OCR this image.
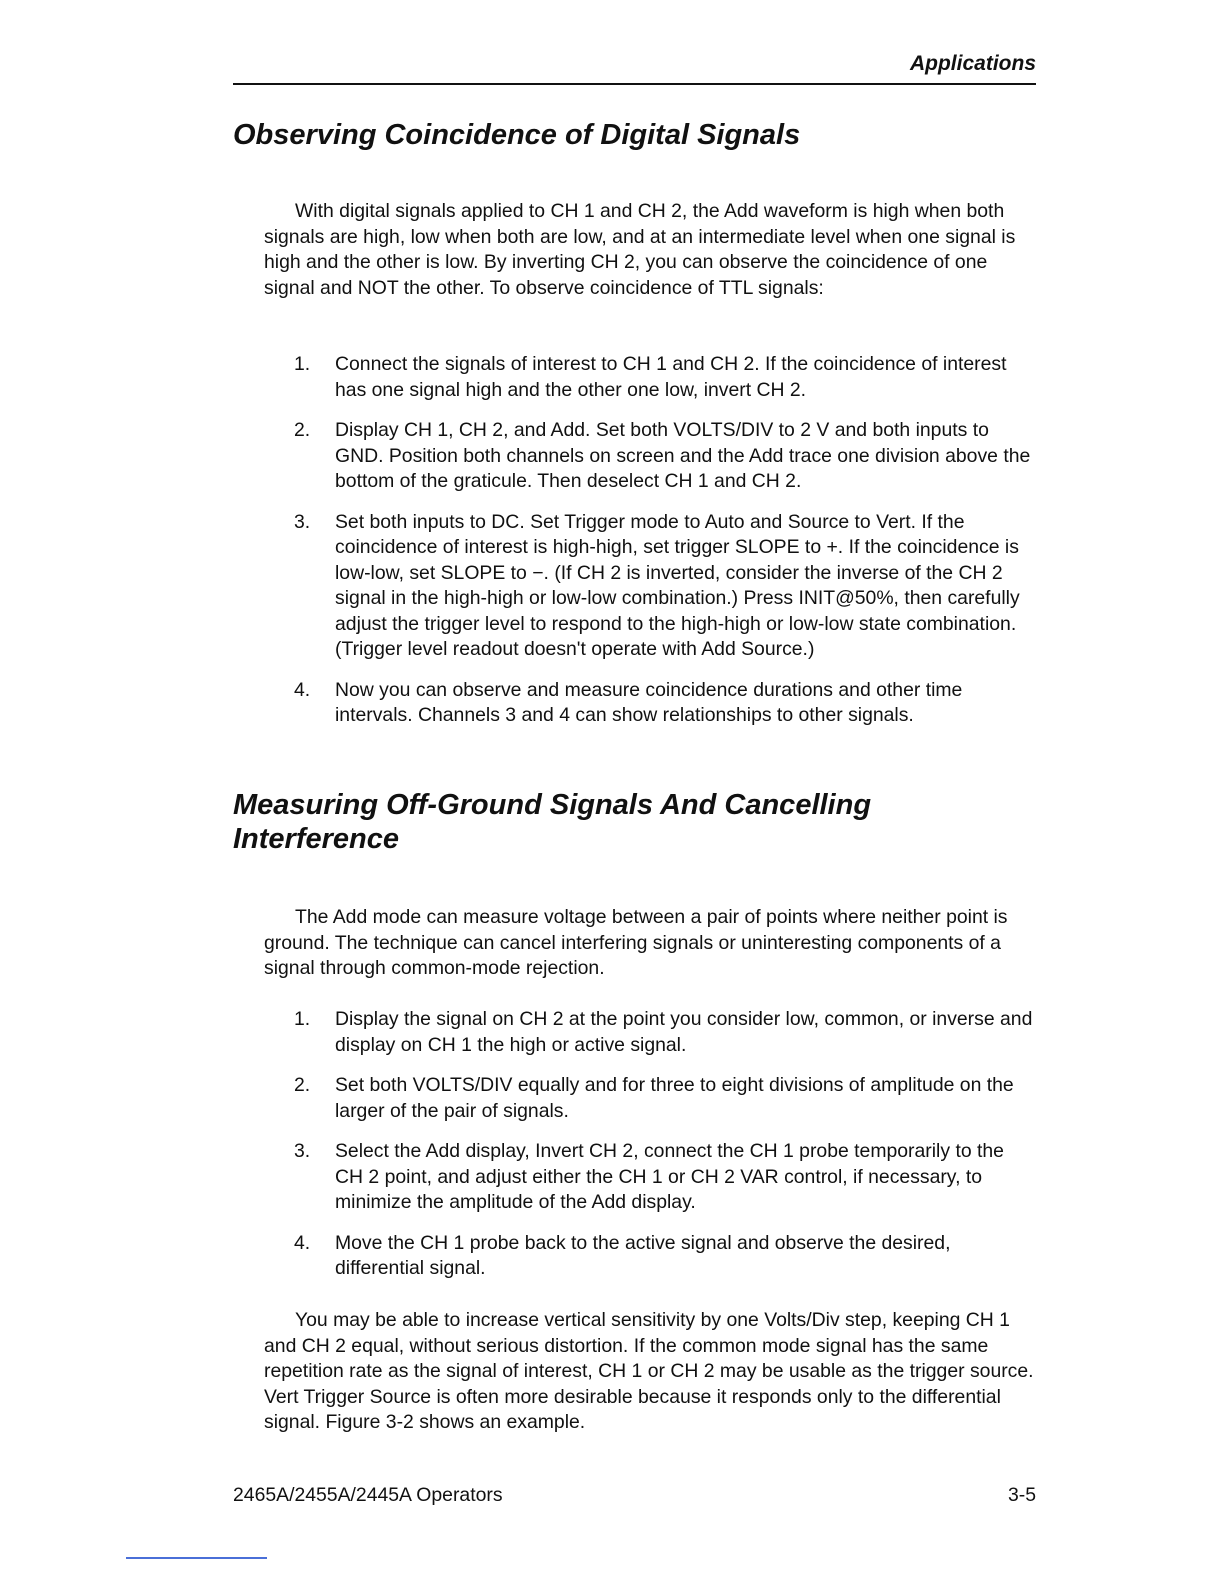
Applications
Observing Coincidence of Digital Signals

With digital signals applied to CH 1 and CH 2, the Add waveform is high when both signals are high, low when both are low, and at an intermediate level when one signal is high and the other is low. By inverting CH 2, you can observe the coincidence of one signal and NOT the other. To observe coincidence of TTL signals:

1. Connect the signals of interest to CH 1 and CH 2. If the coincidence of interest has one signal high and the other one low, invert CH 2.
2. Display CH 1, CH 2, and Add. Set both VOLTS/DIV to 2 V and both inputs to GND. Position both channels on screen and the Add trace one division above the bottom of the graticule. Then deselect CH 1 and CH 2.
3. Set both inputs to DC. Set Trigger mode to Auto and Source to Vert. If the coincidence of interest is high-high, set trigger SLOPE to +. If the coincidence is low-low, set SLOPE to −. (If CH 2 is inverted, consider the inverse of the CH 2 signal in the high-high or low-low combination.) Press INIT@50%, then carefully adjust the trigger level to respond to the high-high or low-low state combination. (Trigger level readout doesn't operate with Add Source.)
4. Now you can observe and measure coincidence durations and other time intervals. Channels 3 and 4 can show relationships to other signals.
Measuring Off-Ground Signals And Cancelling Interference

The Add mode can measure voltage between a pair of points where neither point is ground. The technique can cancel interfering signals or uninteresting components of a signal through common-mode rejection.

1. Display the signal on CH 2 at the point you consider low, common, or inverse and display on CH 1 the high or active signal.
2. Set both VOLTS/DIV equally and for three to eight divisions of amplitude on the larger of the pair of signals.
3. Select the Add display, Invert CH 2, connect the CH 1 probe temporarily to the CH 2 point, and adjust either the CH 1 or CH 2 VAR control, if necessary, to minimize the amplitude of the Add display.
4. Move the CH 1 probe back to the active signal and observe the desired, differential signal.

You may be able to increase vertical sensitivity by one Volts/Div step, keeping CH 1 and CH 2 equal, without serious distortion. If the common mode signal has the same repetition rate as the signal of interest, CH 1 or CH 2 may be usable as the trigger source. Vert Trigger Source is often more desirable because it responds only to the differential signal. Figure 3-2 shows an example.

2465A/2455A/2445A Operators	3-5
